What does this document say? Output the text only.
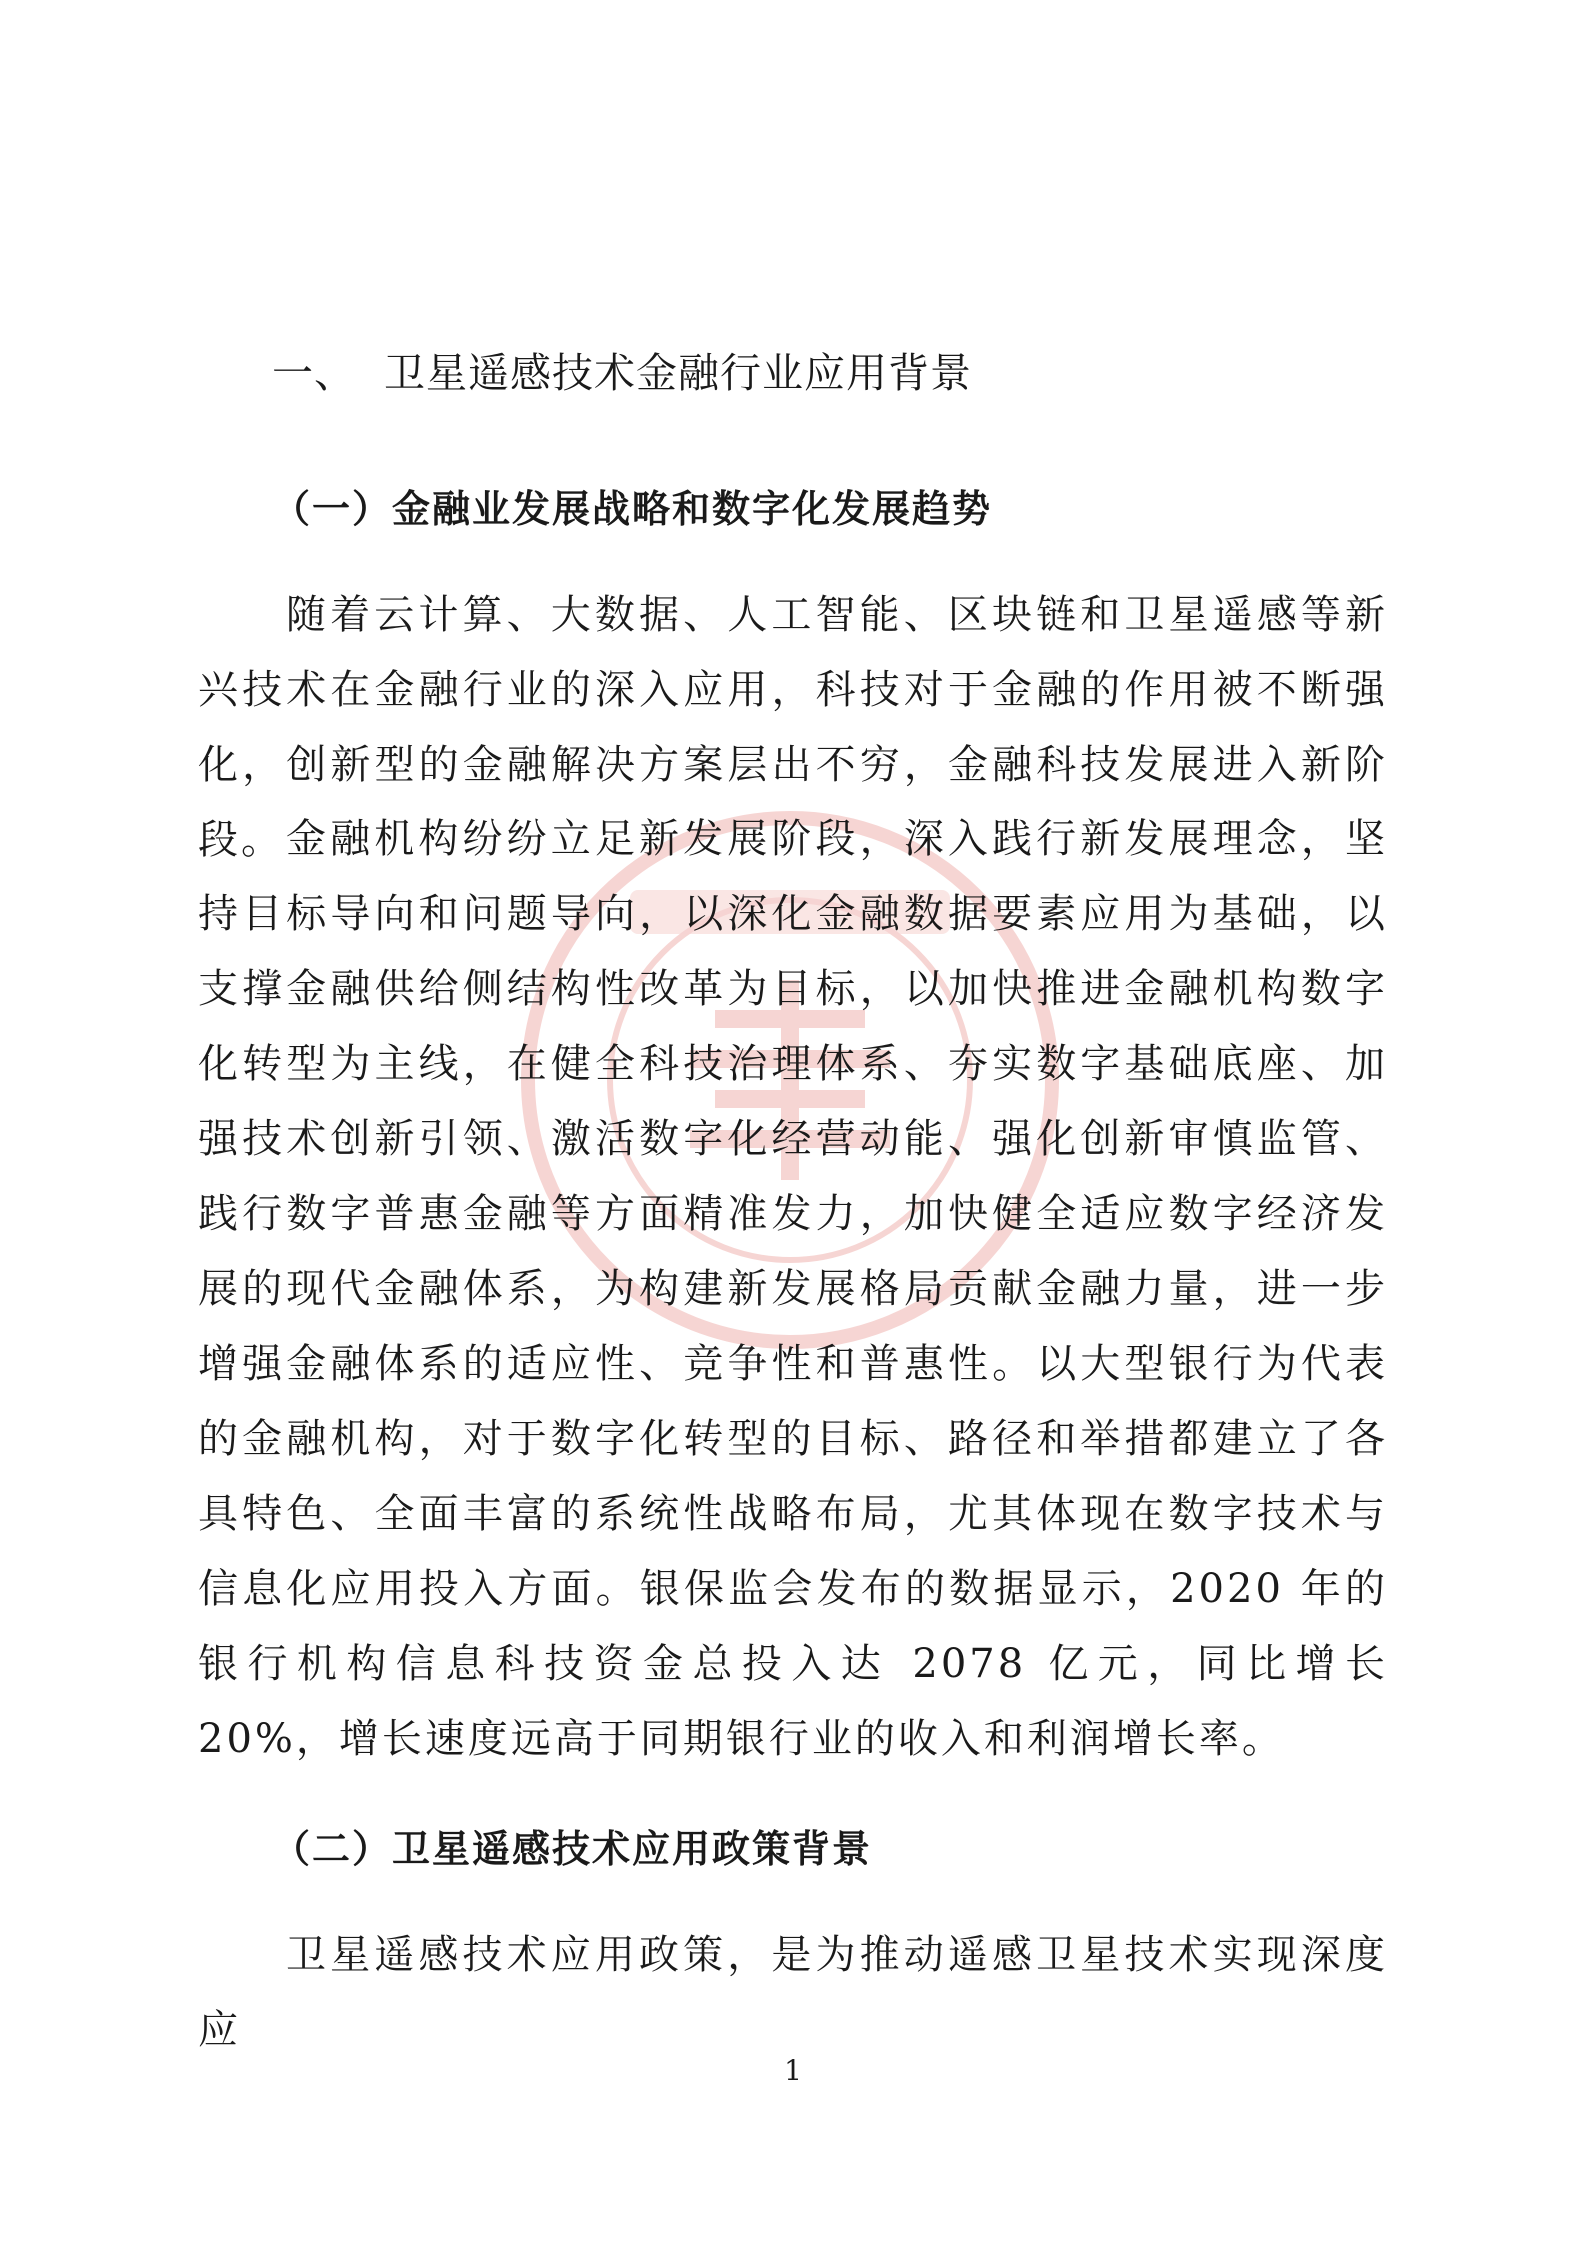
一、 卫星遥感技术金融行业应用背景
（一）金融业发展战略和数字化发展趋势

随着云计算、大数据、人工智能、区块链和卫星遥感等新兴技术在金融行业的深入应用，科技对于金融的作用被不断强化，创新型的金融解决方案层出不穷，金融科技发展进入新阶段。 金融机构纷纷立足新发展阶段，深入践行新发展理念，坚持目标导向和问题导向，以深化金融数据要素应用为基础，以支撑金融供给侧结构性改革为目标，以加快推进金融机构数字化转型为主线，在健全科技治理体系、夯实数字基础底座、加强技术创新引领、激活数字化经营动能、强化创新审慎监管、践行数字普惠金融等方面精准发力，加快健全适应数字经济发展的现代金融体系，为构建新发展格局贡献金融力量，进一步增强金融体系的适应性、竞争性和普惠性。以大型银行为代表的金融机构，对于数字化转型的目标、路径和举措都建立了各具特色、全面丰富的系统性战略布局，尤其体现在数字技术与信息化应用投入方面。银保监会发布的数据显示，2020 年的银行机构信息科技资金总投入达 2078 亿元，同比增长 20%，增长速度远高于同期银行业的收入和利润增长率。

（二）卫星遥感技术应用政策背景

卫星遥感技术应用政策，是为推动遥感卫星技术实现深度应

1
